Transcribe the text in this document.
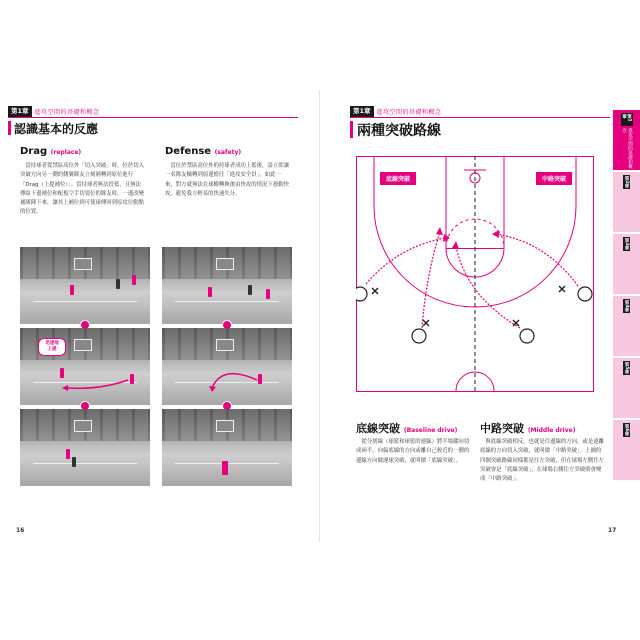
第1章	進攻空間的基礎和概念
認識基本的反應
Drag (replace)
當持球者從禁區高位外「切入突破」時，位於切入突破方向另一側的側翼隊友立刻補轉到原位進行「Drag（上提補位）」。當持球者無法投籃，且無法傳給下邊補位和配板空手切要位的隊友時，一邊改變補隊陣下來，讓其上補位到可使球傳回到原攻位動點的位置。
Defense (safety)
當位於禁區高位外的持球者成功上籃後，請立即讓一名隊友輪轉到弱邊擔任「進攻安全員」。如此一來，對方就無法在球權轉換後由快攻的情況下發動快攻，避免我方輕易的快速失分。
迅速地
上提
16
第1章	進攻空間的基礎和概念
兩種突破路線
底線突破	中路突破
底線突破 (Baseline drive)
從分割線（球籃和球籃的連線）將半場縱向切成兩半，向偏底線的方向或離自己較近的一側的邊線方向做運球突破，就叫做「底線突破」。
中路突破 (Middle drive)
與底線突破相反，也就是往邊線的方向，或是遠離底線的方向切入突破，就叫做「中路突破」。上圖的四個突破路線同樣都是往左突破，但在球場左側往左突破會是「底線突破」，在球場右側往左突破則會變成「中路突破」。
17
第1章
進攻空間的基礎和概念
第2章
第3章
第4章
第5章
第6章
